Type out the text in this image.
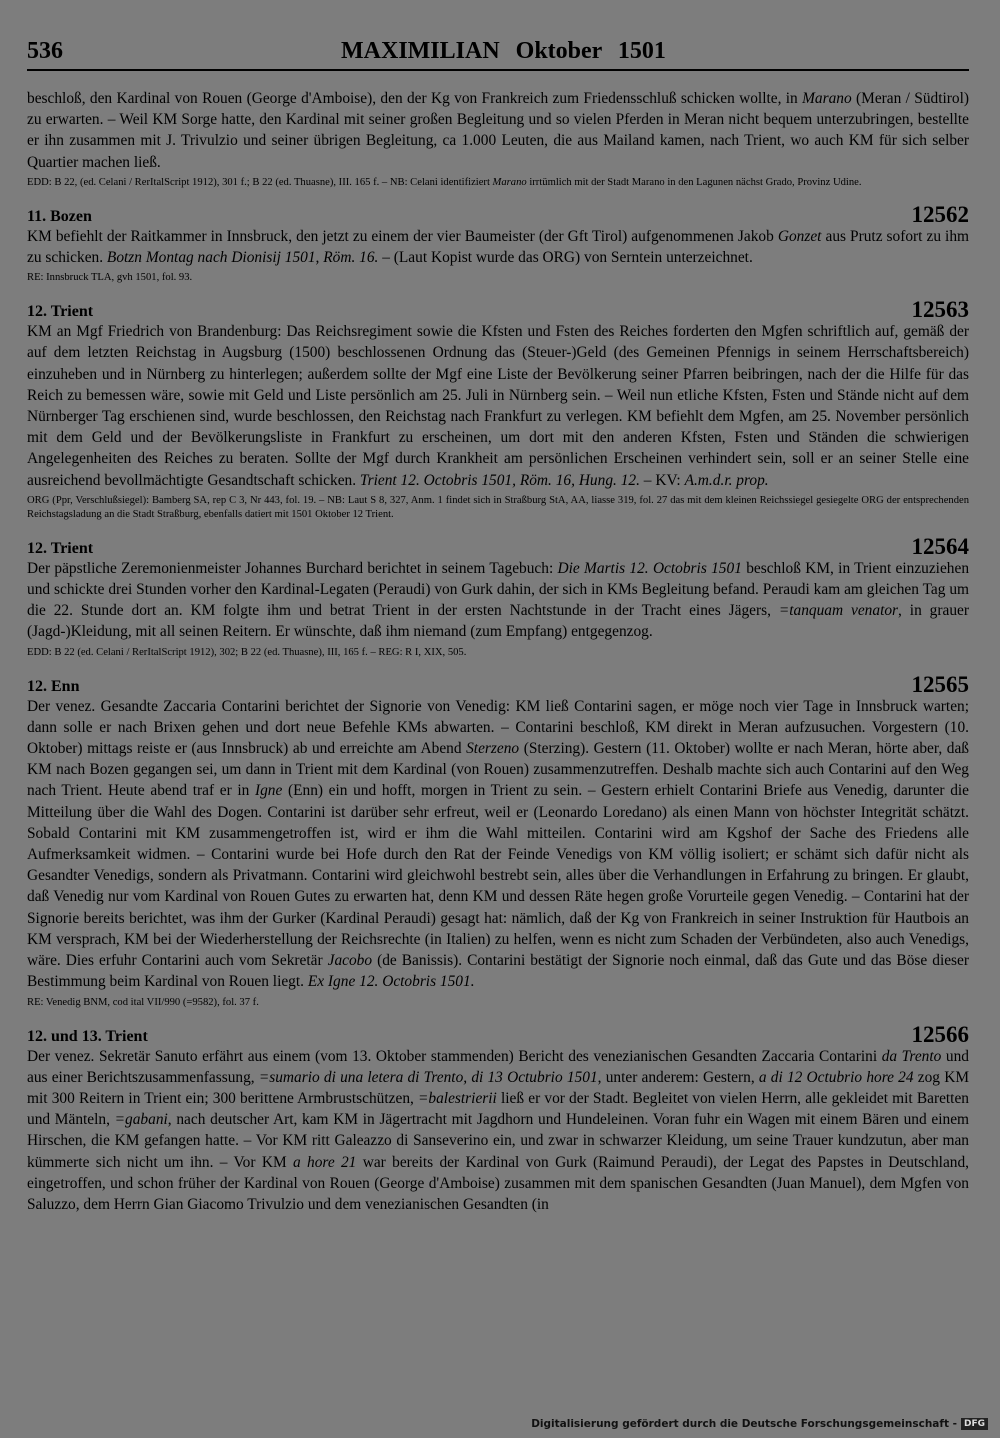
536	MAXIMILIAN Oktober 1501

beschloß, den Kardinal von Rouen (George d'Amboise), den der Kg von Frankreich zum Friedensschluß schicken wollte, in Marano (Meran / Südtirol) zu erwarten. – Weil KM Sorge hatte, den Kardinal mit seiner großen Begleitung und so vielen Pferden in Meran nicht bequem unterzubringen, bestellte er ihn zusammen mit J. Trivulzio und seiner übrigen Begleitung, ca 1.000 Leuten, die aus Mailand kamen, nach Trient, wo auch KM für sich selber Quartier machen ließ.

EDD: B 22, (ed. Celani / RerItalScript 1912), 301 f.; B 22 (ed. Thuasne), III. 165 f. – NB: Celani identifiziert Marano irrtümlich mit der Stadt Marano in den Lagunen nächst Grado, Provinz Udine.

11. Bozen	12562

KM befiehlt der Raitkammer in Innsbruck, den jetzt zu einem der vier Baumeister (der Gft Tirol) aufgenommenen Jakob Gonzet aus Prutz sofort zu ihm zu schicken. Botzn Montag nach Dionisij 1501, Röm. 16. – (Laut Kopist wurde das ORG) von Serntein unterzeichnet.

RE: Innsbruck TLA, gvh 1501, fol. 93.

12. Trient	12563

KM an Mgf Friedrich von Brandenburg: Das Reichsregiment sowie die Kfsten und Fsten des Reiches forderten den Mgfen schriftlich auf, gemäß der auf dem letzten Reichstag in Augsburg (1500) beschlossenen Ordnung das (Steuer-)Geld (des Gemeinen Pfennigs in seinem Herrschaftsbereich) einzuheben und in Nürnberg zu hinterlegen; außerdem sollte der Mgf eine Liste der Bevölkerung seiner Pfarren beibringen, nach der die Hilfe für das Reich zu bemessen wäre, sowie mit Geld und Liste persönlich am 25. Juli in Nürnberg sein. – Weil nun etliche Kfsten, Fsten und Stände nicht auf dem Nürnberger Tag erschienen sind, wurde beschlossen, den Reichstag nach Frankfurt zu verlegen. KM befiehlt dem Mgfen, am 25. November persönlich mit dem Geld und der Bevölkerungsliste in Frankfurt zu erscheinen, um dort mit den anderen Kfsten, Fsten und Ständen die schwierigen Angelegenheiten des Reiches zu beraten. Sollte der Mgf durch Krankheit am persönlichen Erscheinen verhindert sein, soll er an seiner Stelle eine ausreichend bevollmächtigte Gesandtschaft schicken. Trient 12. Octobris 1501, Röm. 16, Hung. 12. – KV: A.m.d.r. prop.

ORG (Ppr, Verschlußsiegel): Bamberg SA, rep C 3, Nr 443, fol. 19. – NB: Laut S 8, 327, Anm. 1 findet sich in Straßburg StA, AA, liasse 319, fol. 27 das mit dem kleinen Reichssiegel gesiegelte ORG der entsprechenden Reichstagsladung an die Stadt Straßburg, ebenfalls datiert mit 1501 Oktober 12 Trient.

12. Trient	12564

Der päpstliche Zeremonienmeister Johannes Burchard berichtet in seinem Tagebuch: Die Martis 12. Octobris 1501 beschloß KM, in Trient einzuziehen und schickte drei Stunden vorher den Kardinal-Legaten (Peraudi) von Gurk dahin, der sich in KMs Begleitung befand. Peraudi kam am gleichen Tag um die 22. Stunde dort an. KM folgte ihm und betrat Trient in der ersten Nachtstunde in der Tracht eines Jägers, =tanquam venator, in grauer (Jagd-)Kleidung, mit all seinen Reitern. Er wünschte, daß ihm niemand (zum Empfang) entgegenzog.

EDD: B 22 (ed. Celani / RerItalScript 1912), 302; B 22 (ed. Thuasne), III, 165 f. – REG: R I, XIX, 505.

12. Enn	12565

Der venez. Gesandte Zaccaria Contarini berichtet der Signorie von Venedig: KM ließ Contarini sagen, er möge noch vier Tage in Innsbruck warten; dann solle er nach Brixen gehen und dort neue Befehle KMs abwarten. – Contarini beschloß, KM direkt in Meran aufzusuchen. Vorgestern (10. Oktober) mittags reiste er (aus Innsbruck) ab und erreichte am Abend Sterzeno (Sterzing). Gestern (11. Oktober) wollte er nach Meran, hörte aber, daß KM nach Bozen gegangen sei, um dann in Trient mit dem Kardinal (von Rouen) zusammenzutreffen. Deshalb machte sich auch Contarini auf den Weg nach Trient. Heute abend traf er in Igne (Enn) ein und hofft, morgen in Trient zu sein. – Gestern erhielt Contarini Briefe aus Venedig, darunter die Mitteilung über die Wahl des Dogen. Contarini ist darüber sehr erfreut, weil er (Leonardo Loredano) als einen Mann von höchster Integrität schätzt. Sobald Contarini mit KM zusammengetroffen ist, wird er ihm die Wahl mitteilen. Contarini wird am Kgshof der Sache des Friedens alle Aufmerksamkeit widmen. – Contarini wurde bei Hofe durch den Rat der Feinde Venedigs von KM völlig isoliert; er schämt sich dafür nicht als Gesandter Venedigs, sondern als Privatmann. Contarini wird gleichwohl bestrebt sein, alles über die Verhandlungen in Erfahrung zu bringen. Er glaubt, daß Venedig nur vom Kardinal von Rouen Gutes zu erwarten hat, denn KM und dessen Räte hegen große Vorurteile gegen Venedig. – Contarini hat der Signorie bereits berichtet, was ihm der Gurker (Kardinal Peraudi) gesagt hat: nämlich, daß der Kg von Frankreich in seiner Instruktion für Hautbois an KM versprach, KM bei der Wiederherstellung der Reichsrechte (in Italien) zu helfen, wenn es nicht zum Schaden der Verbündeten, also auch Venedigs, wäre. Dies erfuhr Contarini auch vom Sekretär Jacobo (de Banissis). Contarini bestätigt der Signorie noch einmal, daß das Gute und das Böse dieser Bestimmung beim Kardinal von Rouen liegt. Ex Igne 12. Octobris 1501.

RE: Venedig BNM, cod ital VII/990 (=9582), fol. 37 f.

12. und 13. Trient	12566

Der venez. Sekretär Sanuto erfährt aus einem (vom 13. Oktober stammenden) Bericht des venezianischen Gesandten Zaccaria Contarini da Trento und aus einer Berichtszusammenfassung, =sumario di una letera di Trento, di 13 Octubrio 1501, unter anderem: Gestern, a di 12 Octubrio hore 24 zog KM mit 300 Reitern in Trient ein; 300 berittene Armbrustschützen, =balestrierii ließ er vor der Stadt. Begleitet von vielen Herrn, alle gekleidet mit Baretten und Mänteln, =gabani, nach deutscher Art, kam KM in Jägertracht mit Jagdhorn und Hundeleinen. Voran fuhr ein Wagen mit einem Bären und einem Hirschen, die KM gefangen hatte. – Vor KM ritt Galeazzo di Sanseverino ein, und zwar in schwarzer Kleidung, um seine Trauer kundzutun, aber man kümmerte sich nicht um ihn. – Vor KM a hore 21 war bereits der Kardinal von Gurk (Raimund Peraudi), der Legat des Papstes in Deutschland, eingetroffen, und schon früher der Kardinal von Rouen (George d'Amboise) zusammen mit dem spanischen Gesandten (Juan Manuel), dem Mgfen von Saluzzo, dem Herrn Gian Giacomo Trivulzio und dem venezianischen Gesandten (in

Digitalisierung gefördert durch die Deutsche Forschungsgemeinschaft - DFG
